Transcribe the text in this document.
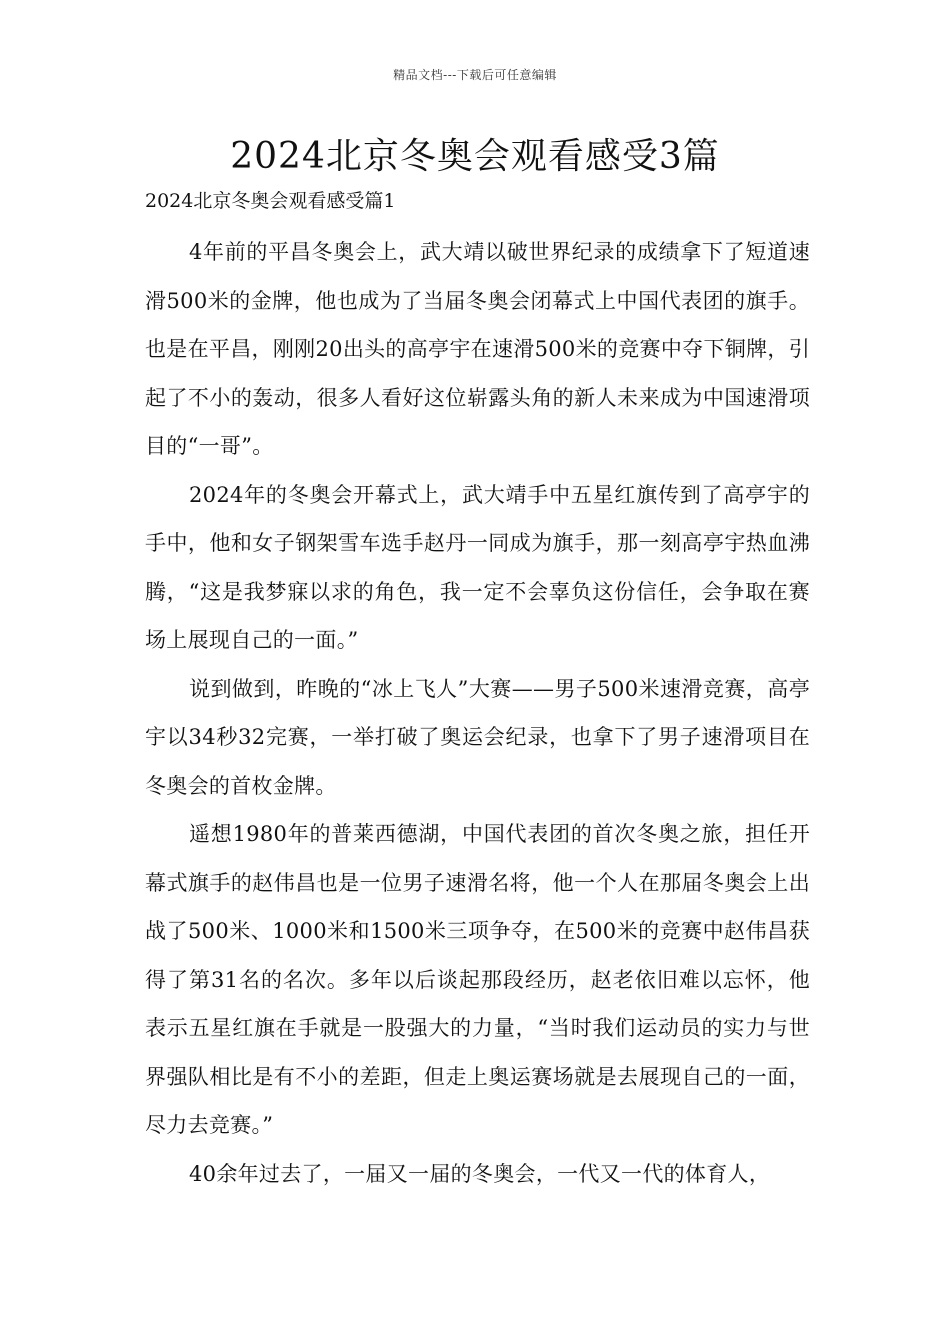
精品文档---下载后可任意编辑
2024北京冬奥会观看感受3篇

2024北京冬奥会观看感受篇1

4年前的平昌冬奥会上，武大靖以破世界纪录的成绩拿下了短道速滑500米的金牌，他也成为了当届冬奥会闭幕式上中国代表团的旗手。也是在平昌，刚刚20出头的高亭宇在速滑500米的竞赛中夺下铜牌，引起了不小的轰动，很多人看好这位崭露头角的新人未来成为中国速滑项目的“一哥”。

2024年的冬奥会开幕式上，武大靖手中五星红旗传到了高亭宇的手中，他和女子钢架雪车选手赵丹一同成为旗手，那一刻高亭宇热血沸腾，“这是我梦寐以求的角色，我一定不会辜负这份信任，会争取在赛场上展现自己的一面。”

说到做到，昨晚的“冰上飞人”大赛——男子500米速滑竞赛，高亭宇以34秒32完赛，一举打破了奥运会纪录，也拿下了男子速滑项目在冬奥会的首枚金牌。

遥想1980年的普莱西德湖，中国代表团的首次冬奥之旅，担任开幕式旗手的赵伟昌也是一位男子速滑名将，他一个人在那届冬奥会上出战了500米、1000米和1500米三项争夺，在500米的竞赛中赵伟昌获得了第31名的名次。多年以后谈起那段经历，赵老依旧难以忘怀，他表示五星红旗在手就是一股强大的力量，“当时我们运动员的实力与世界强队相比是有不小的差距，但走上奥运赛场就是去展现自己的一面，尽力去竞赛。”

40余年过去了，一届又一届的冬奥会，一代又一代的体育人，
